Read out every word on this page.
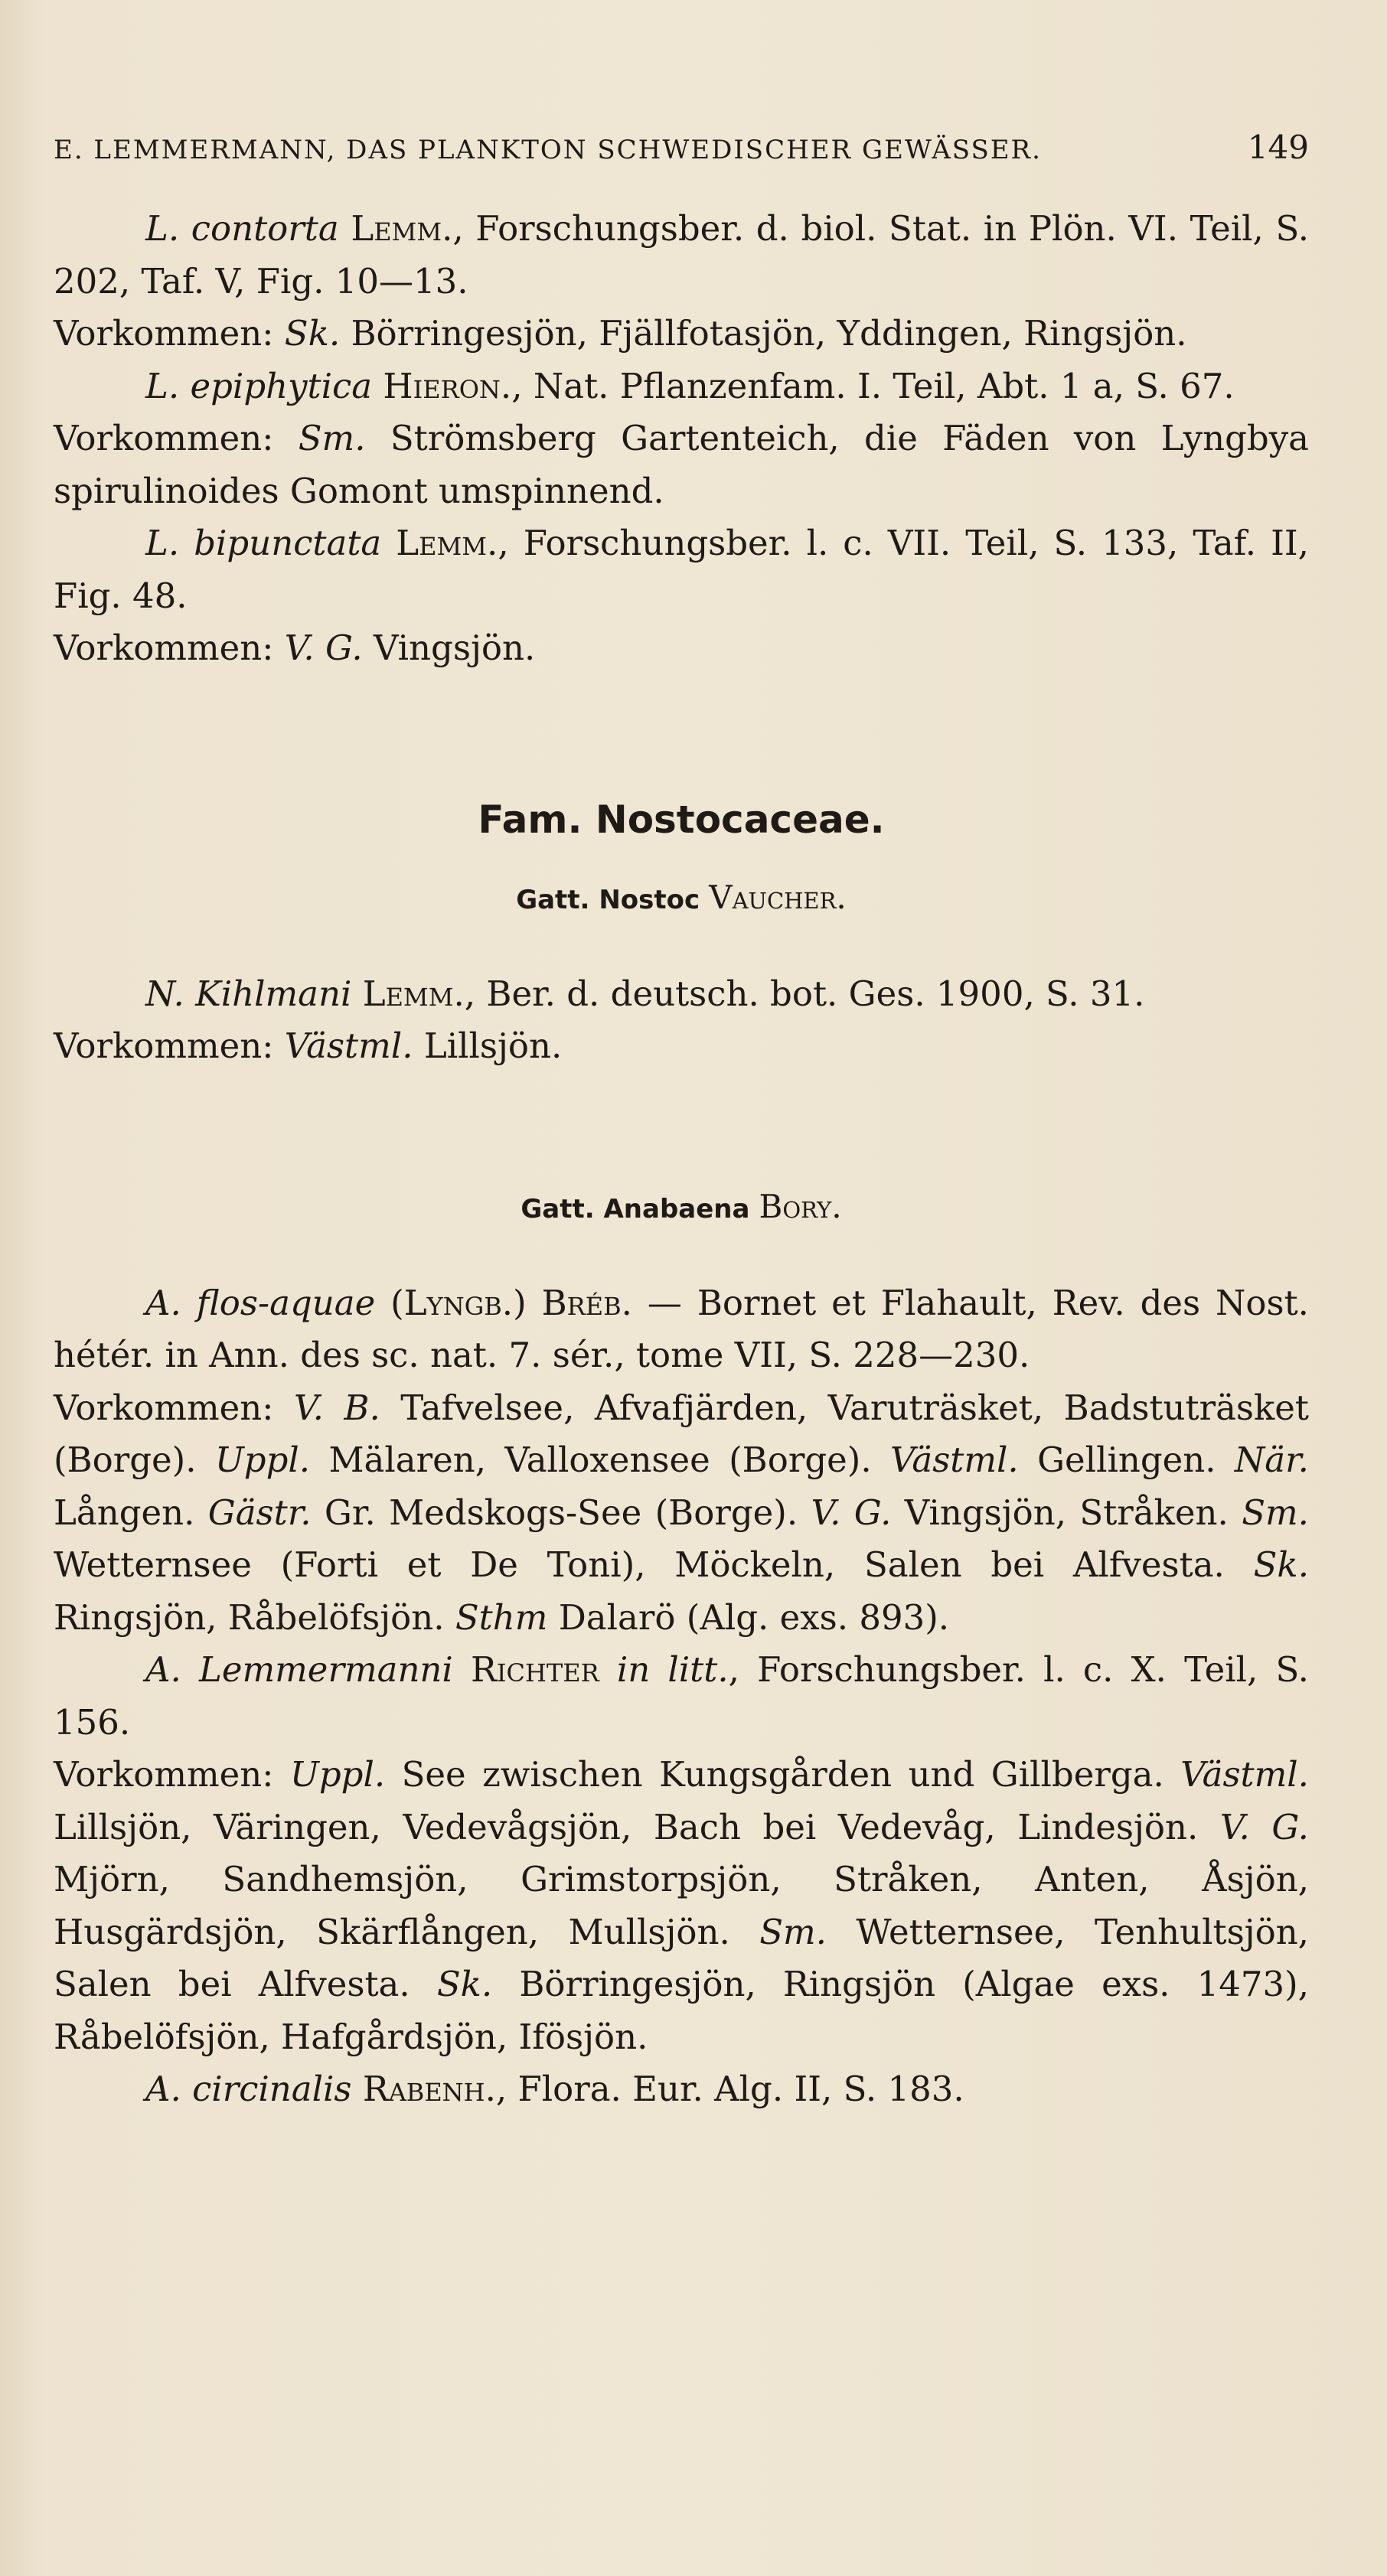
E. LEMMERMANN, DAS PLANKTON SCHWEDISCHER GEWÄSSER.	149

L. contorta Lemm., Forschungsber. d. biol. Stat. in Plön. VI. Teil, S. 202, Taf. V, Fig. 10—13.

Vorkommen: Sk. Börringesjön, Fjällfotasjön, Yddingen, Ringsjön.

L. epiphytica Hieron., Nat. Pflanzenfam. I. Teil, Abt. 1 a, S. 67.

Vorkommen: Sm. Strömsberg Gartenteich, die Fäden von Lyngbya spirulinoides Gomont umspinnend.

L. bipunctata Lemm., Forschungsber. l. c. VII. Teil, S. 133, Taf. II, Fig. 48.

Vorkommen: V. G. Vingsjön.

Fam. Nostocaceae.
Gatt. Nostoc Vaucher.

N. Kihlmani Lemm., Ber. d. deutsch. bot. Ges. 1900, S. 31.

Vorkommen: Västml. Lillsjön.

Gatt. Anabaena Bory.

A. flos-aquae (Lyngb.) Bréb. — Bornet et Flahault, Rev. des Nost. hétér. in Ann. des sc. nat. 7. sér., tome VII, S. 228—230.

Vorkommen: V. B. Tafvelsee, Afvafjärden, Varuträsket, Badstuträsket (Borge). Uppl. Mälaren, Valloxensee (Borge). Västml. Gellingen. När. Lången. Gästr. Gr. Medskogs-See (Borge). V. G. Vingsjön, Stråken. Sm. Wetternsee (Forti et De Toni), Möckeln, Salen bei Alfvesta. Sk. Ringsjön, Råbelöfsjön. Sthm Dalarö (Alg. exs. 893).

A. Lemmermanni Richter in litt., Forschungsber. l. c. X. Teil, S. 156.

Vorkommen: Uppl. See zwischen Kungsgården und Gillberga. Västml. Lillsjön, Väringen, Vedevågsjön, Bach bei Vedevåg, Lindesjön. V. G. Mjörn, Sandhemsjön, Grimstorpsjön, Stråken, Anten, Åsjön, Husgärdsjön, Skärflången, Mullsjön. Sm. Wetternsee, Tenhultsjön, Salen bei Alfvesta. Sk. Börringesjön, Ringsjön (Algae exs. 1473), Råbelöfsjön, Hafgårdsjön, Ifösjön.

A. circinalis Rabenh., Flora. Eur. Alg. II, S. 183.
